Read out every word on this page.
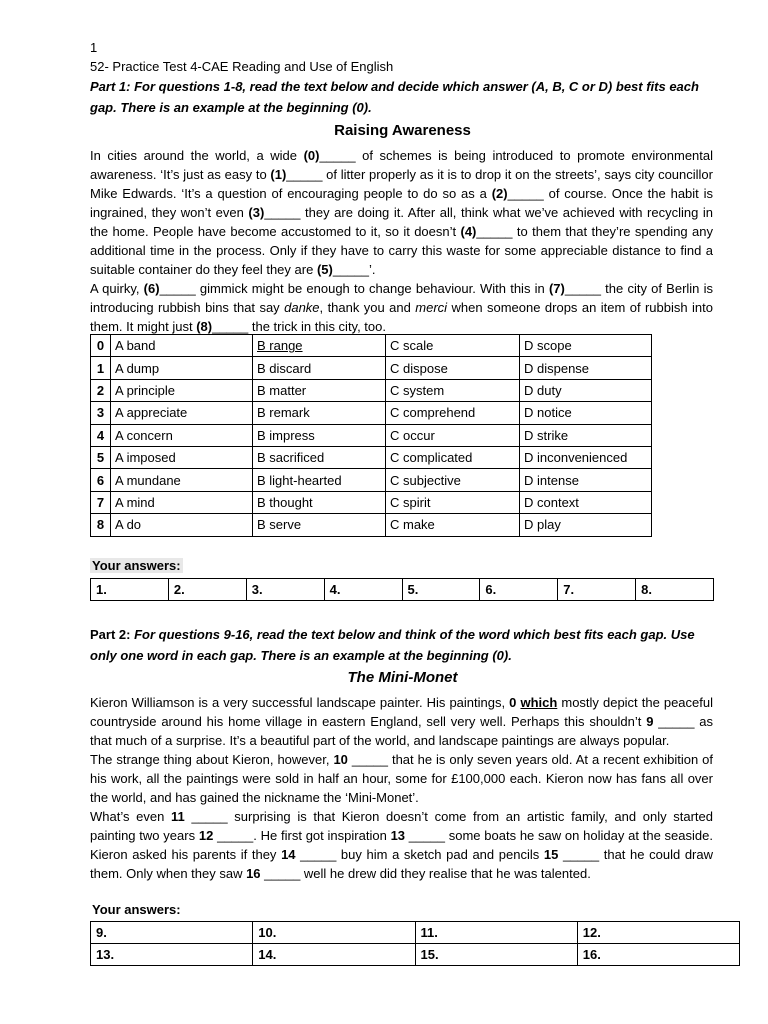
1
52- Practice Test 4-CAE Reading and Use of English
Part 1: For questions 1-8, read the text below and decide which answer (A, B, C or D) best fits each gap. There is an example at the beginning (0).
Raising Awareness

In cities around the world, a wide (0)_____ of schemes is being introduced to promote environmental awareness. ‘It’s just as easy to (1)_____ of litter properly as it is to drop it on the streets’, says city councillor Mike Edwards. ‘It’s a question of encouraging people to do so as a (2)_____ of course. Once the habit is ingrained, they won’t even (3)_____ they are doing it. After all, think what we’ve achieved with recycling in the home. People have become accustomed to it, so it doesn’t (4)_____ to them that they’re spending any additional time in the process. Only if they have to carry this waste for some appreciable distance to find a suitable container do they feel they are (5)_____’.

A quirky, (6)_____ gimmick might be enough to change behaviour. With this in (7)_____ the city of Berlin is introducing rubbish bins that say danke, thank you and merci when someone drops an item of rubbish into them. It might just (8)_____ the trick in this city, too.

0	A band	B range	C scale	D scope
1	A dump	B discard	C dispose	D dispense
2	A principle	B matter	C system	D duty
3	A appreciate	B remark	C comprehend	D notice
4	A concern	B impress	C occur	D strike
5	A imposed	B sacrificed	C complicated	D inconvenienced
6	A mundane	B light-hearted	C subjective	D intense
7	A mind	B thought	C spirit	D context
8	A do	B serve	C make	D play
Your answers:
1.	2.	3.	4.	5.	6.	7.	8.
Part 2: For questions 9-16, read the text below and think of the word which best fits each gap. Use only one word in each gap. There is an example at the beginning (0).
The Mini-Monet

Kieron Williamson is a very successful landscape painter. His paintings, 0 which mostly depict the peaceful countryside around his home village in eastern England, sell very well. Perhaps this shouldn’t 9 _____ as that much of a surprise. It’s a beautiful part of the world, and landscape paintings are always popular.

The strange thing about Kieron, however, 10 _____ that he is only seven years old. At a recent exhibition of his work, all the paintings were sold in half an hour, some for £100,000 each. Kieron now has fans all over the world, and has gained the nickname the ‘Mini-Monet’.

What’s even 11 _____ surprising is that Kieron doesn’t come from an artistic family, and only started painting two years 12 _____. He first got inspiration 13 _____ some boats he saw on holiday at the seaside. Kieron asked his parents if they 14 _____ buy him a sketch pad and pencils 15 _____ that he could draw them. Only when they saw 16 _____ well he drew did they realise that he was talented.

Your answers:
9.	10.	11.	12.
13.	14.	15.	16.
